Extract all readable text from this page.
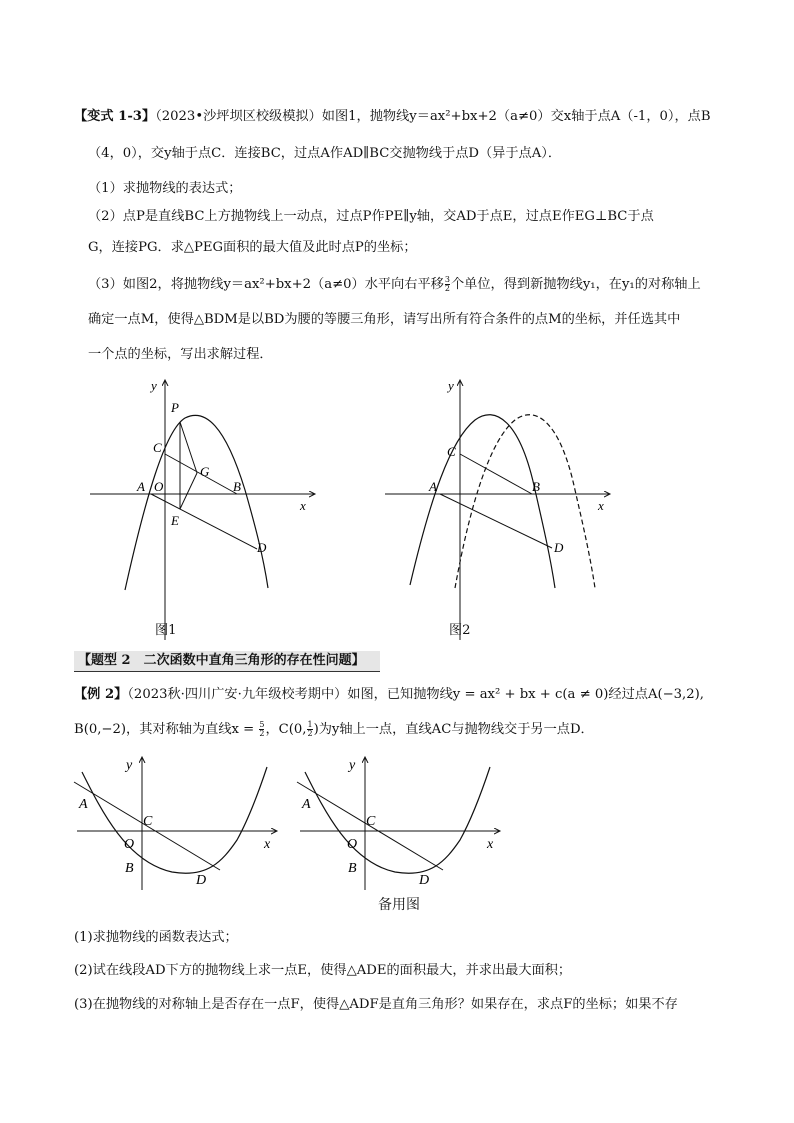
【变式 1-3】（2023•沙坪坝区校级模拟）如图1，抛物线y＝ax²+bx+2（a≠0）交x轴于点A（-1，0），点B
（4，0），交y轴于点C．连接BC，过点A作AD∥BC交抛物线于点D（异于点A）．
（1）求抛物线的表达式；
（2）点P是直线BC上方抛物线上一动点，过点P作PE∥y轴，交AD于点E，过点E作EG⊥BC于点
G，连接PG．求△PEG面积的最大值及此时点P的坐标；
（3）如图2，将抛物线y＝ax²+bx+2（a≠0）水平向右平移 $\frac{3}{2}$ 个单位，得到新抛物线y₁，在y₁的对称轴上
确定一点M，使得△BDM是以BD为腰的等腰三角形，请写出所有符合条件的点M的坐标，并任选其中
一个点的坐标，写出求解过程．
y
x
P
C
G
A O	B
E
D
图1
y
x
C
A	B
D
图2
【题型 2　二次函数中直角三角形的存在性问题】
【例 2】（2023秋·四川广安·九年级校考期中）如图，已知抛物线y = ax² + bx + c(a ≠ 0)经过点A(−3,2),
B(0,−2)，其对称轴为直线$x = \frac{5}{2}$ ，C(0, $\frac{1}{2}$ )为y轴上一点，直线AC与抛物线交于另一点D．
y
x
A
C
O
B
D
y
x
A
C
O
B
D
备用图
(1)求抛物线的函数表达式；
(2)试在线段AD下方的抛物线上求一点E，使得△ADE的面积最大，并求出最大面积；
(3)在抛物线的对称轴上是否存在一点F，使得△ADF是直角三角形？如果存在，求点F的坐标；如果不存
